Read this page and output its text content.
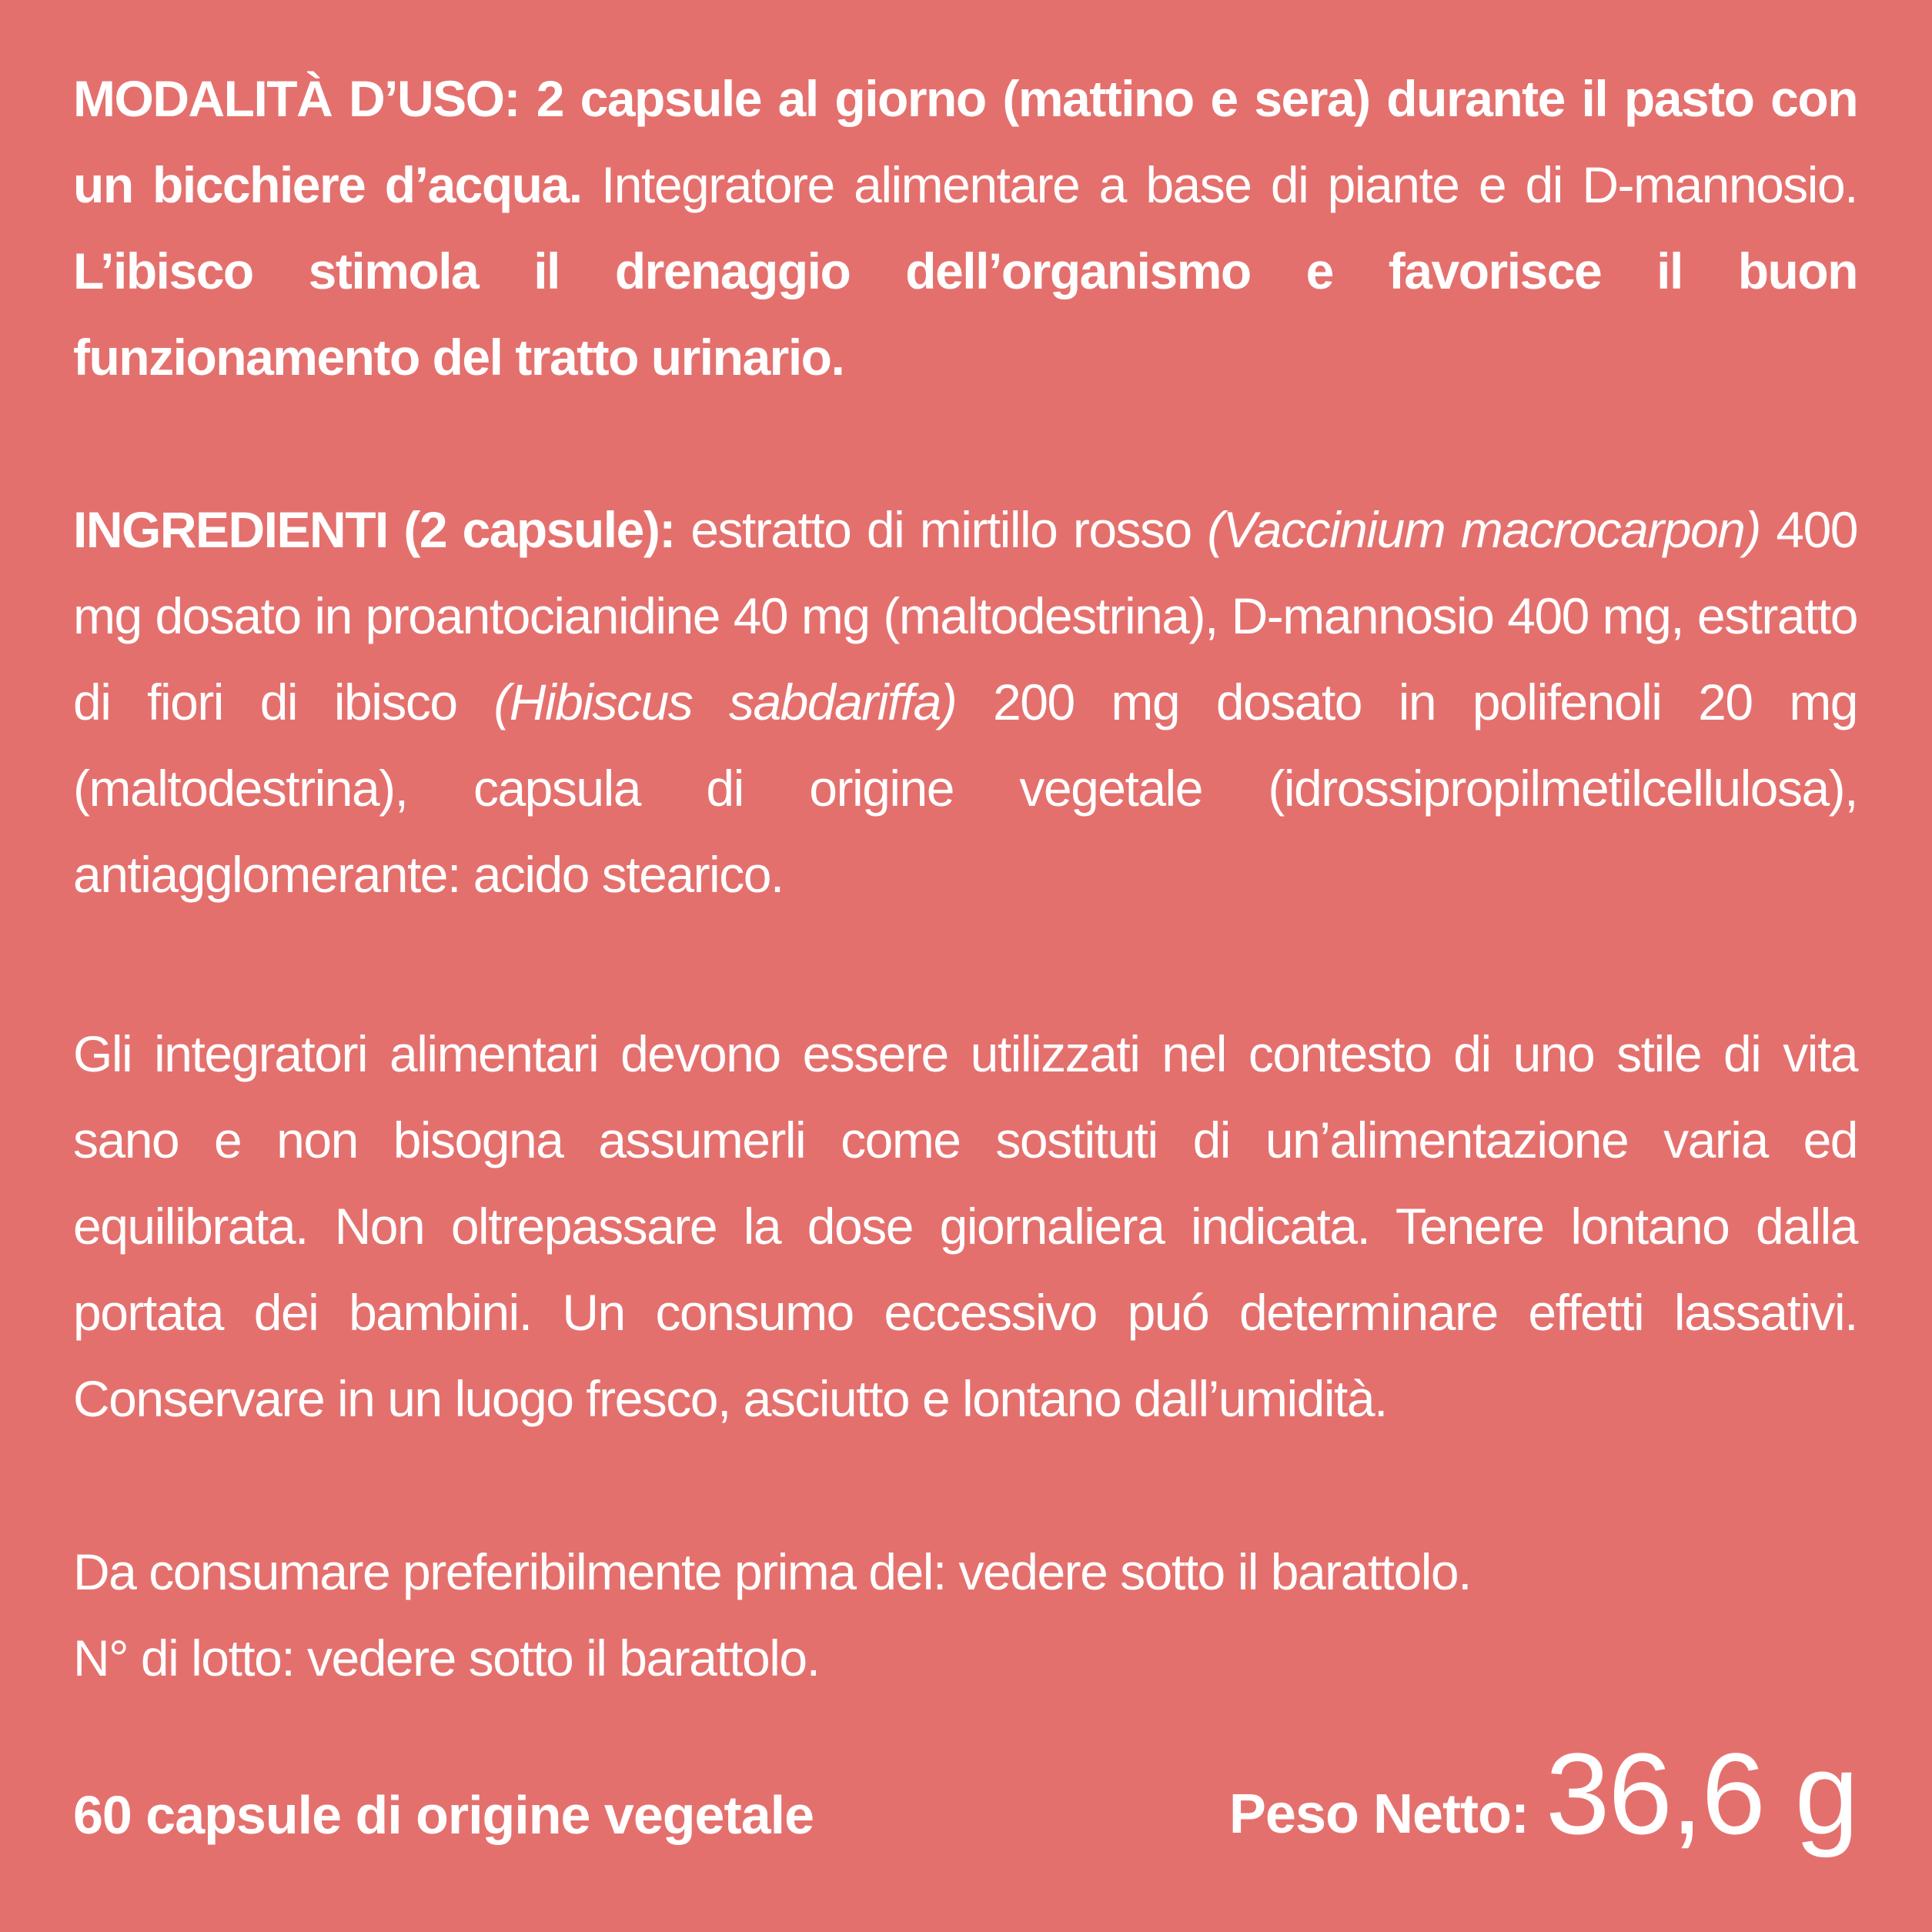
MODALITÀ D’USO: 2 capsule al giorno (mattino e sera) durante il pasto con un bicchiere d’acqua. Integratore alimentare a base di piante e di D-mannosio. L’ibisco stimola il drenaggio dell’organismo e favorisce il buon funzionamento del tratto urinario.
INGREDIENTI (2 capsule): estratto di mirtillo rosso (Vaccinium macrocarpon) 400 mg dosato in proantocianidine 40 mg (maltodestrina), D-mannosio 400 mg, estratto di fiori di ibisco (Hibiscus sabdariffa) 200 mg dosato in polifenoli 20 mg (maltodestrina), capsula di origine vegetale (idrossipropilmetilcellulosa), antiagglomerante: acido stearico.
Gli integratori alimentari devono essere utilizzati nel contesto di uno stile di vita sano e non bisogna assumerli come sostituti di un’alimentazione varia ed equilibrata. Non oltrepassare la dose giornaliera indicata. Tenere lontano dalla portata dei bambini. Un consumo eccessivo puó determinare effetti lassativi. Conservare in un luogo fresco, asciutto e lontano dall’umidità.
Da consumare preferibilmente prima del: vedere sotto il barattolo.
N° di lotto: vedere sotto il barattolo.
60 capsule di origine vegetale	Peso Netto: 36,6 g
